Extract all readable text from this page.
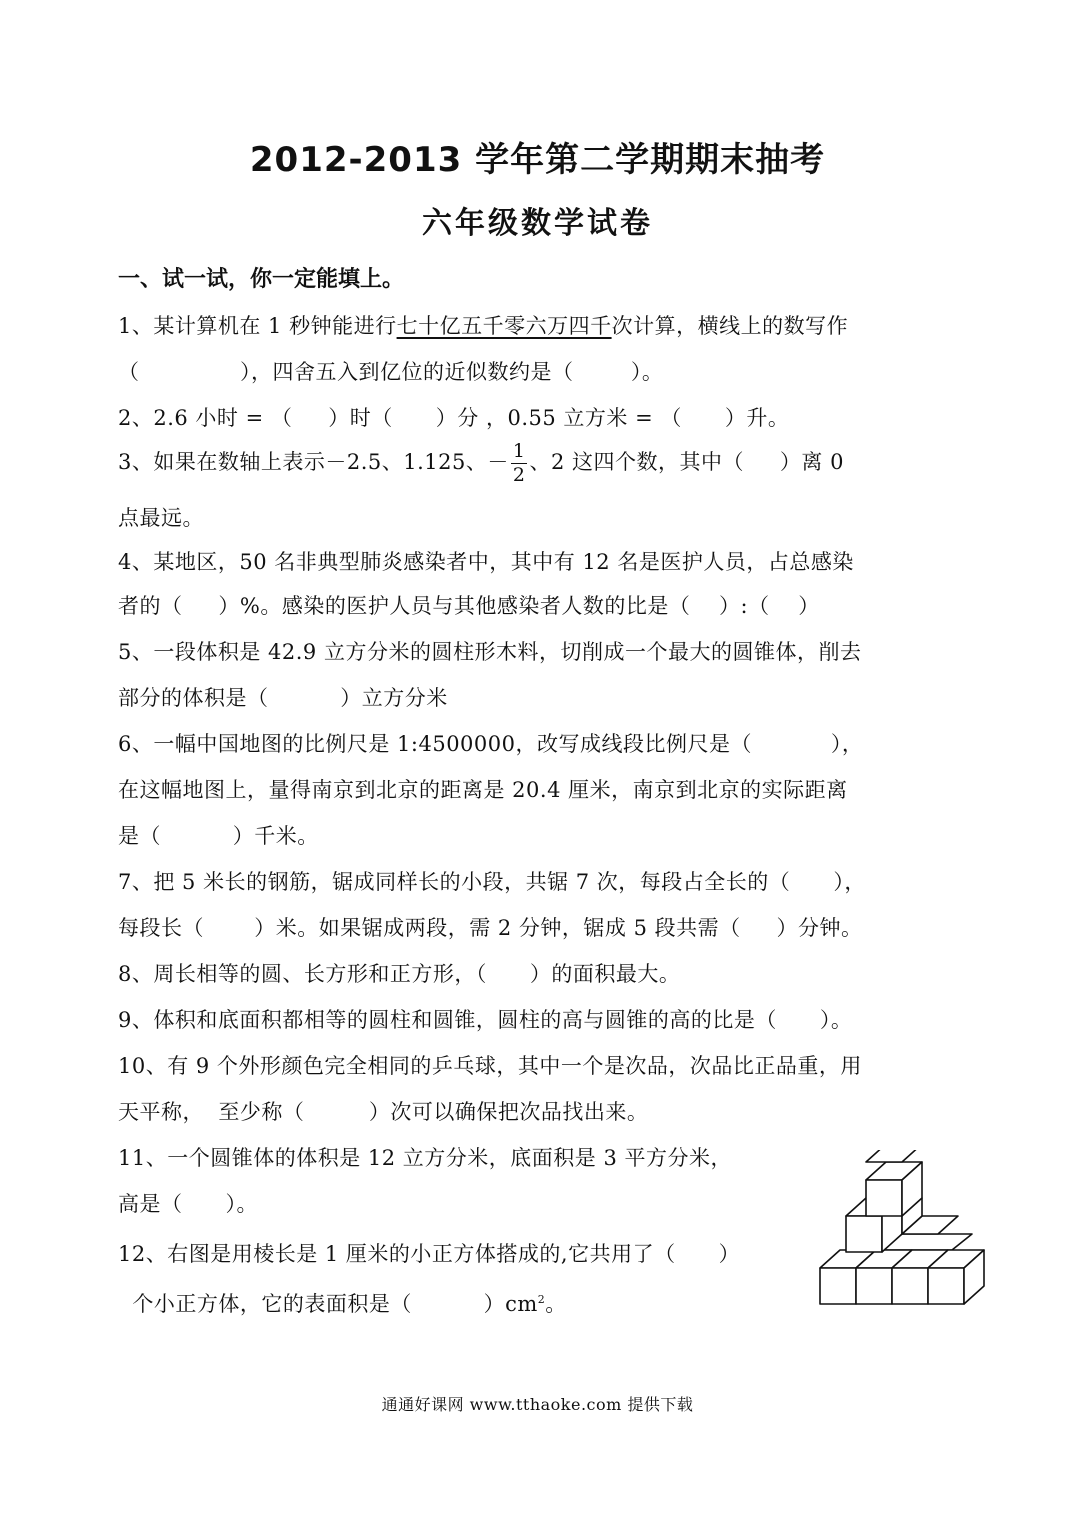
2012-2013 学年第二学期期末抽考
六年级数学试卷
一、试一试，你一定能填上。
1、某计算机在 1 秒钟能进行七十亿五千零六万四千次计算，横线上的数写作
（              ），四舍五入到亿位的近似数约是（        ）。
2、2.6 小时 = （     ）时（      ）分 ，0.55 立方米 = （      ）升。
3、如果在数轴上表示－2.5、1.125、－ $\frac{1}{2}$ 、2 这四个数，其中（     ）离 0
点最远。
4、某地区，50 名非典型肺炎感染者中，其中有 12 名是医护人员，占总感染
者的（     ）%。感染的医护人员与其他感染者人数的比是（    ）:（    ）
5、一段体积是 42.9 立方分米的圆柱形木料，切削成一个最大的圆锥体，削去
部分的体积是（          ）立方分米
6、一幅中国地图的比例尺是 1:4500000，改写成线段比例尺是（           ），
在这幅地图上，量得南京到北京的距离是 20.4 厘米，南京到北京的实际距离
是（          ）千米。
7、把 5 米长的钢筋，锯成同样长的小段，共锯 7 次，每段占全长的（      ），
每段长（       ）米。如果锯成两段，需 2 分钟，锯成 5 段共需（     ）分钟。
8、周长相等的圆、长方形和正方形，（      ）的面积最大。
9、体积和底面积都相等的圆柱和圆锥，圆柱的高与圆锥的高的比是（      ）。
10、有 9 个外形颜色完全相同的乒乓球，其中一个是次品，次品比正品重，用
天平称，  至少称（         ）次可以确保把次品找出来。
11、一个圆锥体的体积是 12 立方分米，底面积是 3 平方分米，
高是（      ）。
12、右图是用棱长是 1 厘米的小正方体搭成的,它共用了（      ）
个小正方体，它的表面积是（          ）$cm^2$。
通通好课网 www.tthaoke.com 提供下载
